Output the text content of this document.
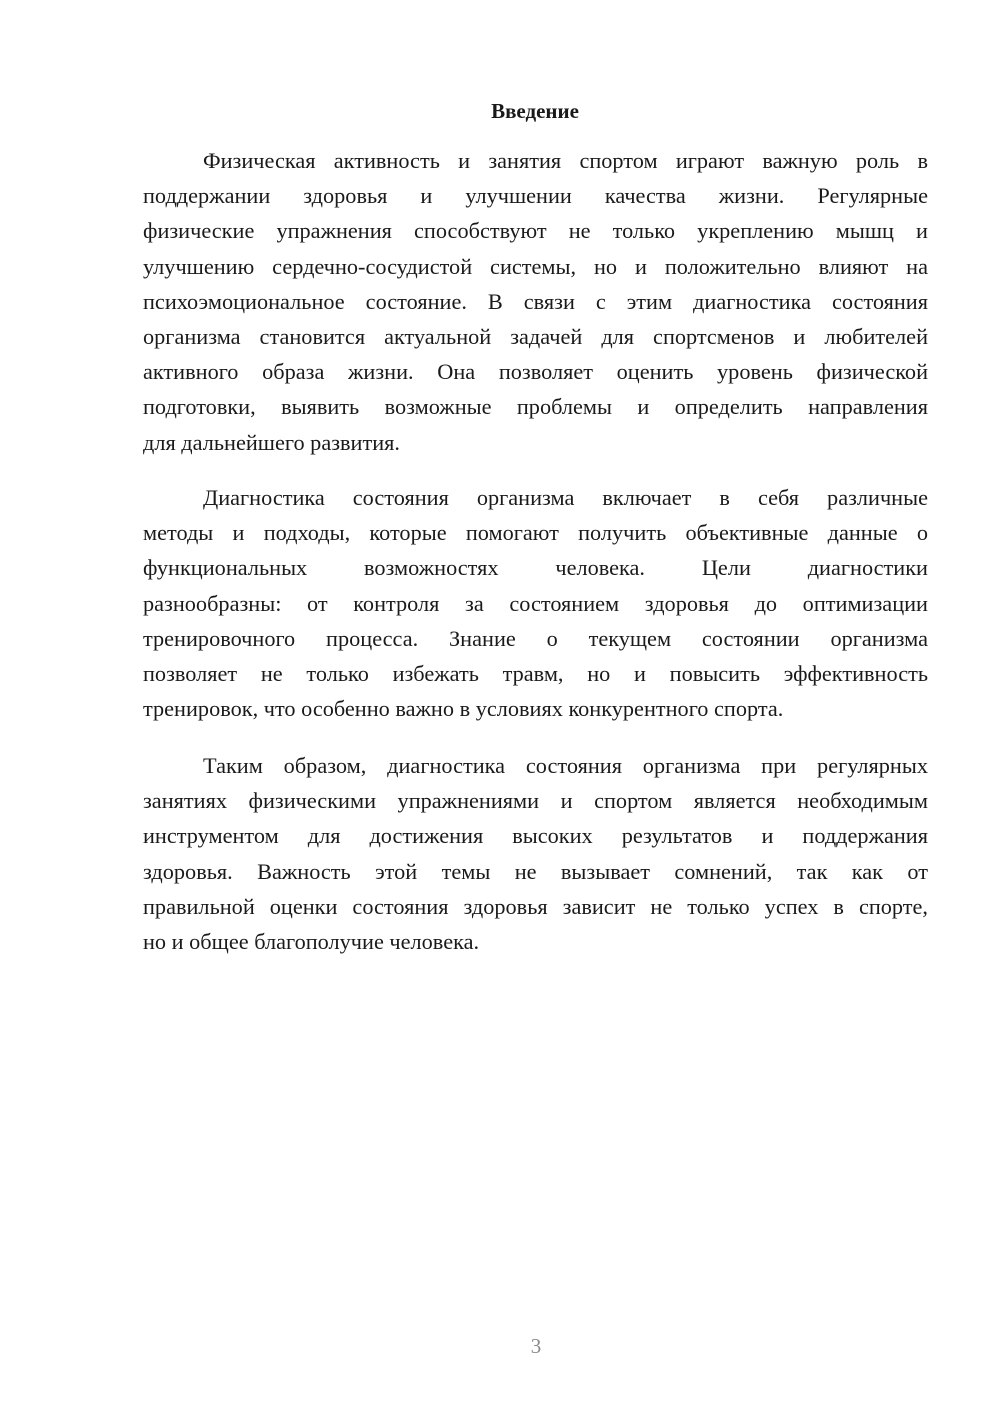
Введение
Физическая активность и занятия спортом играют важную роль в
поддержании здоровья и улучшении качества жизни. Регулярные
физические упражнения способствуют не только укреплению мышц и
улучшению сердечно-сосудистой системы, но и положительно влияют на
психоэмоциональное состояние. В связи с этим диагностика состояния
организма становится актуальной задачей для спортсменов и любителей
активного образа жизни. Она позволяет оценить уровень физической
подготовки, выявить возможные проблемы и определить направления
для дальнейшего развития.
Диагностика состояния организма включает в себя различные
методы и подходы, которые помогают получить объективные данные о
функциональных возможностях человека. Цели диагностики
разнообразны: от контроля за состоянием здоровья до оптимизации
тренировочного процесса. Знание о текущем состоянии организма
позволяет не только избежать травм, но и повысить эффективность
тренировок, что особенно важно в условиях конкурентного спорта.
Таким образом, диагностика состояния организма при регулярных
занятиях физическими упражнениями и спортом является необходимым
инструментом для достижения высоких результатов и поддержания
здоровья. Важность этой темы не вызывает сомнений, так как от
правильной оценки состояния здоровья зависит не только успех в спорте,
но и общее благополучие человека.
3
